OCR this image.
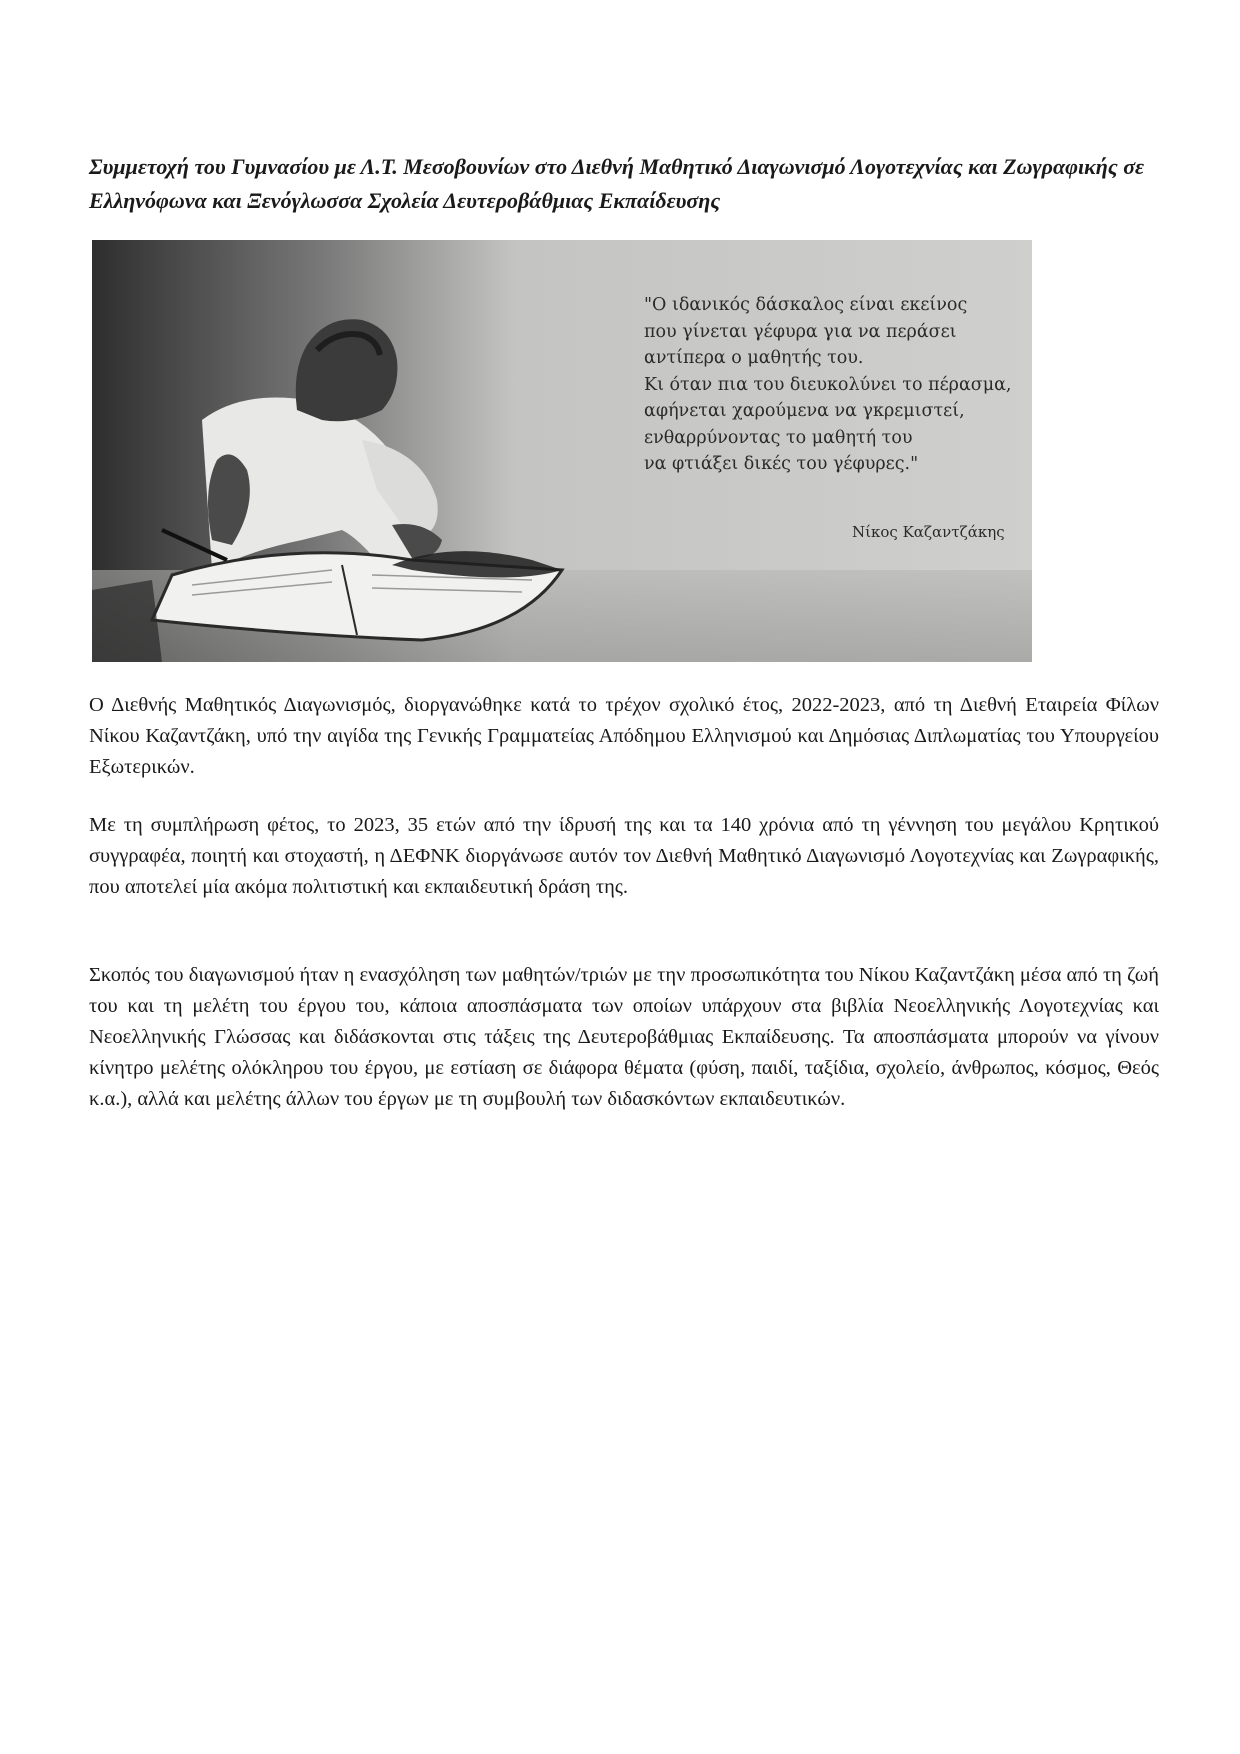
Συμμετοχή του Γυμνασίου με Λ.Τ. Μεσοβουνίων στο Διεθνή Μαθητικό Διαγωνισμό Λογοτεχνίας και Ζωγραφικής σε Ελληνόφωνα και Ξενόγλωσσα Σχολεία Δευτεροβάθμιας Εκπαίδευσης
"Ο ιδανικός δάσκαλος είναι εκείνος
που γίνεται γέφυρα για να περάσει
αντίπερα ο μαθητής του.
Κι όταν πια του διευκολύνει το πέρασμα,
αφήνεται χαρούμενα να γκρεμιστεί,
ενθαρρύνοντας το μαθητή του
να φτιάξει δικές του γέφυρες."
Νίκος Καζαντζάκης

Ο Διεθνής Μαθητικός Διαγωνισμός, διοργανώθηκε κατά το τρέχον σχολικό έτος, 2022-2023, από τη Διεθνή Εταιρεία Φίλων Νίκου Καζαντζάκη, υπό την αιγίδα της Γενικής Γραμματείας Απόδημου Ελληνισμού και Δημόσιας Διπλωματίας του Υπουργείου Εξωτερικών.

Με τη συμπλήρωση φέτος, το 2023, 35 ετών από την ίδρυσή της και τα 140 χρόνια από τη γέννηση του μεγάλου Κρητικού συγγραφέα, ποιητή και στοχαστή, η ΔΕΦΝΚ διοργάνωσε αυτόν τον Διεθνή Μαθητικό Διαγωνισμό Λογοτεχνίας και Ζωγραφικής, που αποτελεί μία ακόμα πολιτιστική και εκπαιδευτική δράση της.

Σκοπός του διαγωνισμού ήταν η ενασχόληση των μαθητών/τριών με την προσωπικότητα του Νίκου Καζαντζάκη μέσα από τη ζωή του και τη μελέτη του έργου του, κάποια αποσπάσματα των οποίων υπάρχουν στα βιβλία Νεοελληνικής Λογοτεχνίας και Νεοελληνικής Γλώσσας και διδάσκονται στις τάξεις της Δευτεροβάθμιας Εκπαίδευσης. Τα αποσπάσματα μπορούν να γίνουν κίνητρο μελέτης ολόκληρου του έργου, με εστίαση σε διάφορα θέματα (φύση, παιδί, ταξίδια, σχολείο, άνθρωπος, κόσμος, Θεός κ.α.), αλλά και μελέτης άλλων του έργων με τη συμβουλή των διδασκόντων εκπαιδευτικών.
